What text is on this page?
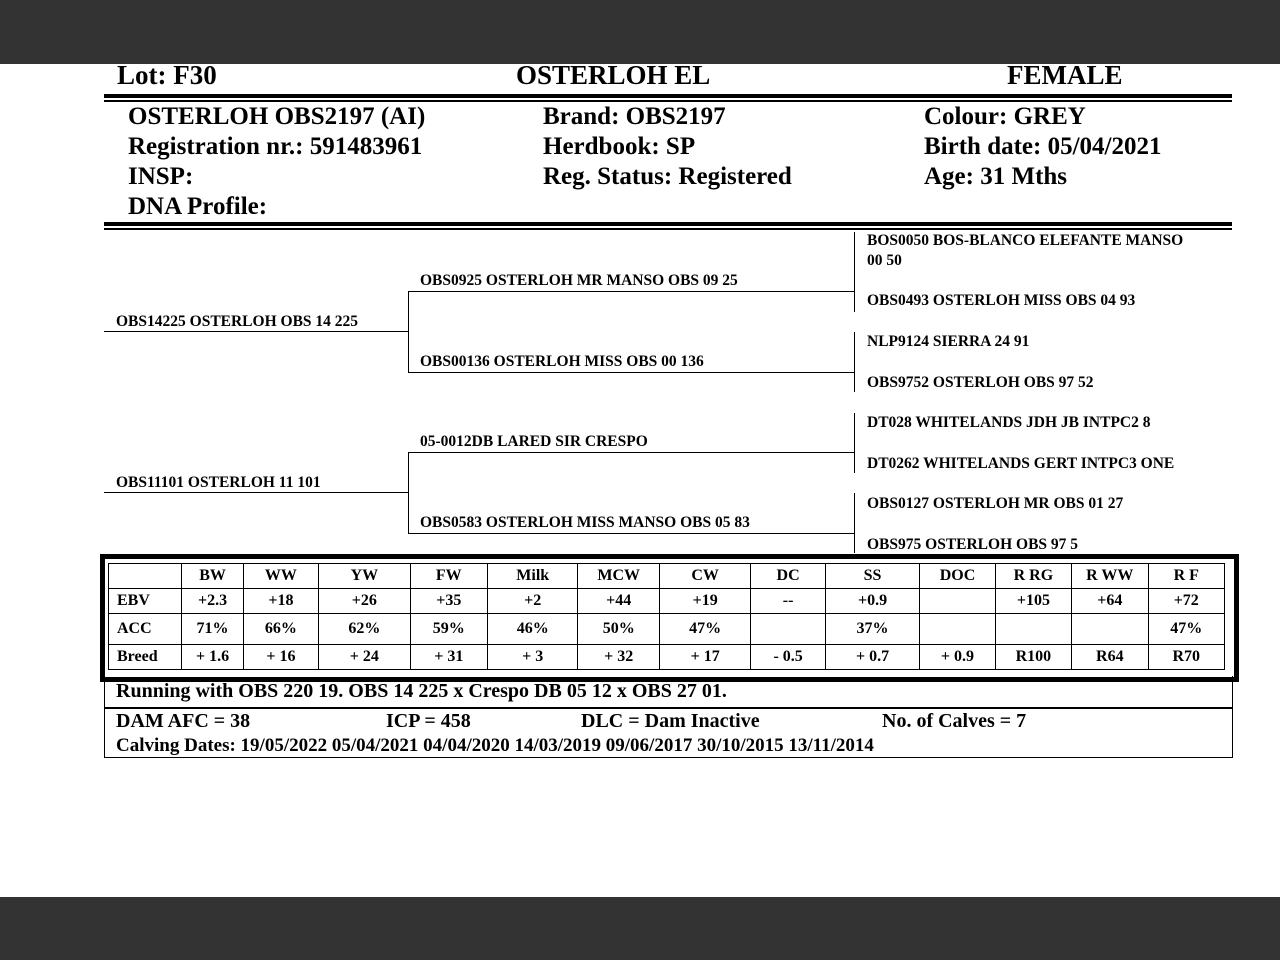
Lot: F30	OSTERLOH EL	FEMALE
OSTERLOH OBS2197 (AI)
Registration nr.: 591483961
INSP:
DNA Profile:
Brand: OBS2197
Herdbook: SP
Reg. Status: Registered
Colour: GREY
Birth date: 05/04/2021
Age: 31 Mths
OBS14225 OSTERLOH OBS 14 225
OBS11101 OSTERLOH 11 101
OBS0925 OSTERLOH MR MANSO OBS 09 25
OBS00136 OSTERLOH MISS OBS 00 136
05-0012DB LARED SIR CRESPO
OBS0583 OSTERLOH MISS MANSO OBS 05 83
BOS0050 BOS-BLANCO ELEFANTE MANSO
00 50
OBS0493 OSTERLOH MISS OBS 04 93
NLP9124 SIERRA 24 91
OBS9752 OSTERLOH OBS 97 52
DT028 WHITELANDS JDH JB INTPC2 8
DT0262 WHITELANDS GERT INTPC3 ONE
OBS0127 OSTERLOH MR OBS 01 27
OBS975 OSTERLOH OBS 97 5
	BW	WW	YW	FW	Milk	MCW	CW	DC	SS	DOC	R RG	R WW	R F
EBV	+2.3	+18	+26	+35	+2	+44	+19	--	+0.9		+105	+64	+72
ACC	71%	66%	62%	59%	46%	50%	47%		37%				47%
Breed	+ 1.6	+ 16	+ 24	+ 31	+ 3	+ 32	+ 17	- 0.5	+ 0.7	+ 0.9	R100	R64	R70
Running with OBS 220 19. OBS 14 225 x Crespo DB 05 12 x OBS 27 01.
DAM AFC = 38	ICP = 458	DLC = Dam Inactive	No. of Calves = 7
Calving Dates: 19/05/2022 05/04/2021 04/04/2020 14/03/2019 09/06/2017 30/10/2015 13/11/2014
